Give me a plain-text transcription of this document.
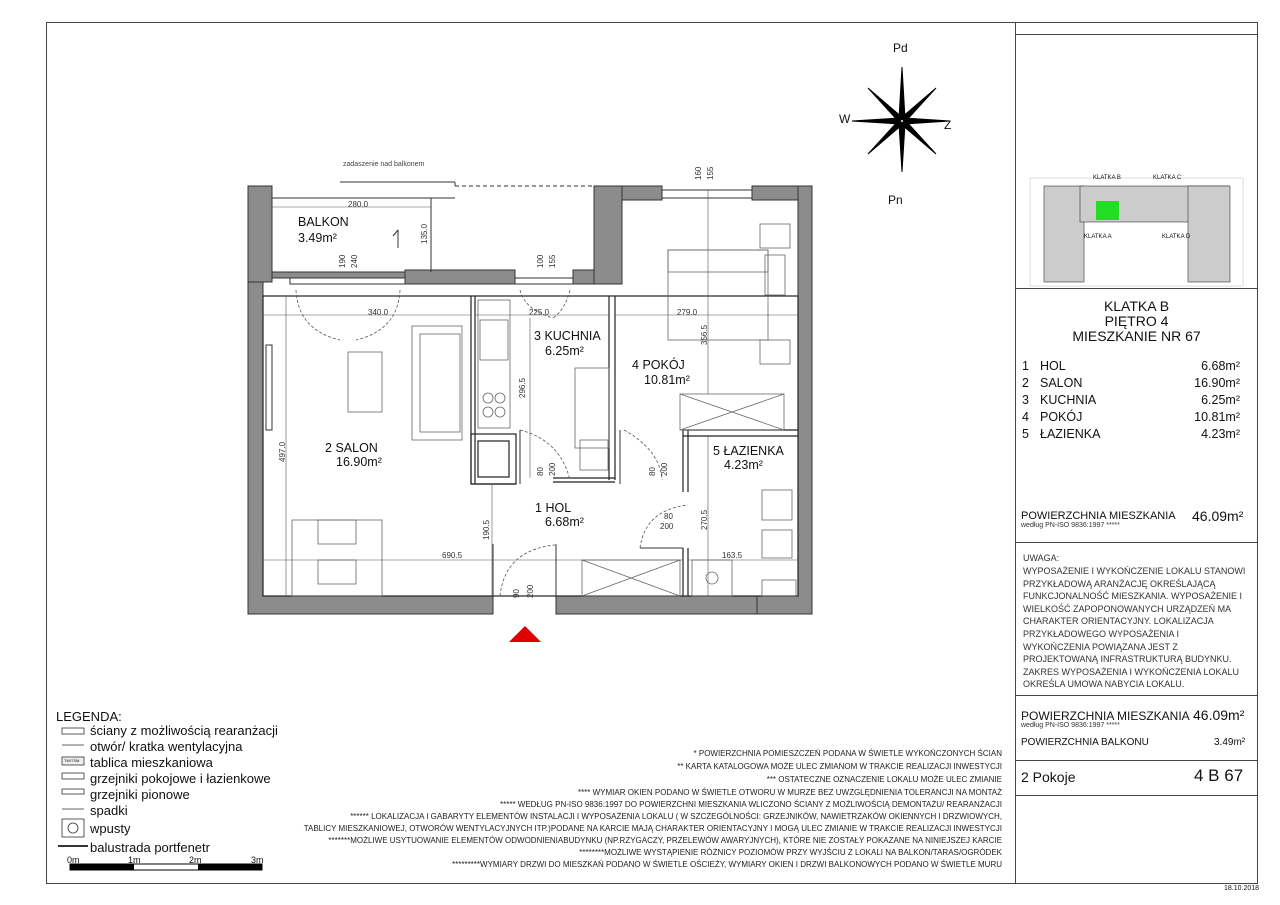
Pd
Pn
W	Z
zadaszenie nad balkonem
BALKON
3.49m²
2 SALON
16.90m²
3 KUCHNIA
6.25m²
4 POKÓJ
10.81m²
5 ŁAZIENKA
4.23m²
1 HOL
6.68m²
280.0
135.0
340.0	225.0	279.0
356.5
296.5
497.0
190.5
690.5	163.5
270.5
190 240	100 155
160 155
80 200	80 200
80
200
90 200
KLATKA B	KLATKA C
KLATKA A	KLATKA D
KLATKA B
PIĘTRO 4
MIESZKANIE NR 67
1 HOL	6.68m²
2 SALON	16.90m²
3 KUCHNIA	6.25m²
4 POKÓJ	10.81m²
5 ŁAZIENKA	4.23m²
POWIERZCHNIA MIESZKANIA
według PN-ISO 9836:1997 *****
46.09m²
UWAGA:
WYPOSAŻENIE I WYKOŃCZENIE LOKALU STANOWI PRZYKŁADOWĄ ARANŻACJĘ OKREŚLAJĄCĄ FUNKCJONALNOŚĆ MIESZKANIA. WYPOSAŻENIE I WIELKOŚĆ ZAPOPONOWANYCH URZĄDZEŃ MA CHARAKTER ORIENTACYJNY. LOKALIZACJA PRZYKŁADOWEGO WYPOSAŻENIA I WYKOŃCZENIA POWIĄZANA JEST Z PROJEKTOWANĄ INFRASTRUKTURĄ BUDYNKU. ZAKRES WYPOSAŻENIA I WYKOŃCZENIA LOKALU OKREŚLA UMOWA NABYCIA LOKALU.
POWIERZCHNIA MIESZKANIA
według PN-ISO 9836:1997 *****
46.09m²
POWIERZCHNIA BALKONU	3.49m²
2 Pokoje	4 B 67
18.10.2018
LEGENDA:
ściany z możliwością rearanżacji
otwór/ kratka wentylacyjna
tablica mieszkaniowa
grzejniki pokojowe i łazienkowe
grzejniki pionowe
spadki
wpusty
balustrada portfenetr
TM/TSM
0m	1m	2m	3m
* POWIERZCHNIA POMIESZCZEŃ PODANA W ŚWIETLE WYKOŃCZONYCH ŚCIAN
** KARTA KATALOGOWA MOŻE ULEC ZMIANOM W TRAKCIE REALIZACJI INWESTYCJI
*** OSTATECZNE OZNACZENIE LOKALU MOŻE ULEC ZMIANIE
**** WYMIAR OKIEN PODANO W ŚWIETLE OTWORU W MURZE BEZ UWZGLĘDNIENIA TOLERANCJI NA MONTAŻ
***** WEDŁUG PN-ISO 9836:1997 DO POWIERZCHNI MIESZKANIA WLICZONO ŚCIANY Z MOŻLIWOŚCIĄ DEMONTAŻU/ REARANŻACJI
****** LOKALIZACJA I GABARYTY ELEMENTÓW INSTALACJI I WYPOSAŻENIA LOKALU ( W SZCZEGÓLNOŚCI: GRZEJNIKÓW, NAWIETRZAKÓW OKIENNYCH I DRZWIOWYCH,
TABLICY MIESZKANIOWEJ, OTWORÓW WENTYLACYJNYCH ITP.)PODANE NA KARCIE MAJĄ CHARAKTER ORIENTACYJNY I MOGĄ ULEC ZMIANIE W TRAKCIE REALIZACJI INWESTYCJI
*******MOŻLIWE USYTUOWANIE ELEMENTÓW ODWODNIENIABUDYNKU (NP.RZYGACZY, PRZELEWÓW AWARYJNYCH), KTÓRE NIE ZOSTAŁY POKAZANE NA NINIEJSZEJ KARCIE
********MOŻLIWE WYSTĄPIENIE RÓŻNICY POZIOMÓW PRZY WYJŚCIU Z LOKALI NA BALKON/TARAS/OGRÓDEK
*********WYMIARY DRZWI DO MIESZKAŃ PODANO W ŚWIETLE OŚCIEŻY, WYMIARY OKIEN I DRZWI BALKONOWYCH PODANO W ŚWIETLE MURU
